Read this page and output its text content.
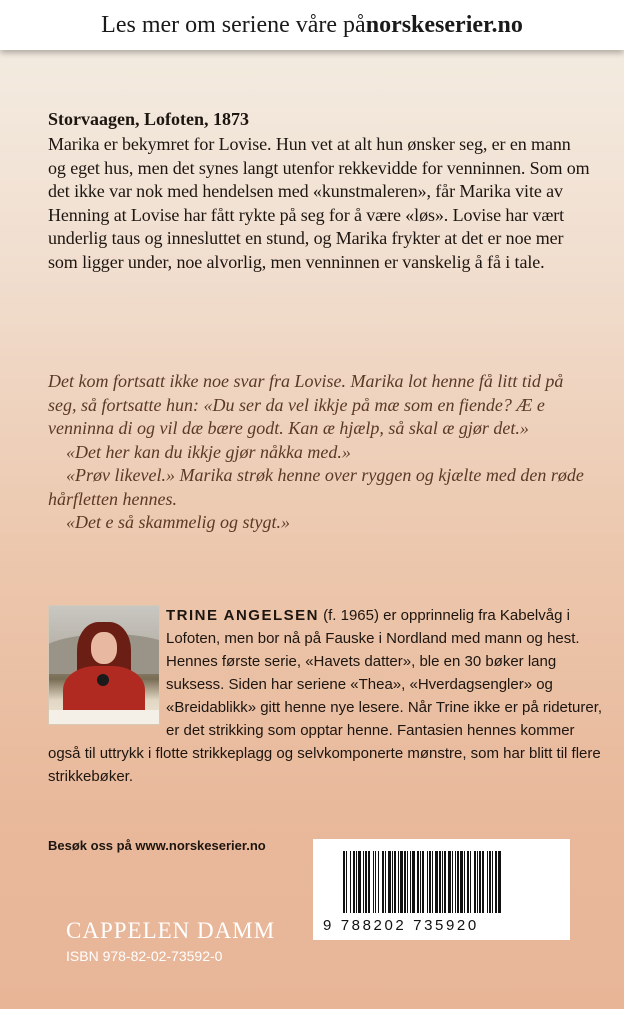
Les mer om seriene våre på norskeserier.no
Storvaagen, Lofoten, 1873
Marika er bekymret for Lovise. Hun vet at alt hun ønsker seg, er en mann og eget hus, men det synes langt utenfor rekkevidde for venninnen. Som om det ikke var nok med hendelsen med «kunstmaleren», får Marika vite av Henning at Lovise har fått rykte på seg for å være «løs». Lovise har vært underlig taus og innesluttet en stund, og Marika frykter at det er noe mer som ligger under, noe alvorlig, men venninnen er vanskelig å få i tale.

Det kom fortsatt ikke noe svar fra Lovise. Marika lot henne få litt tid på seg, så fortsatte hun: «Du ser da vel ikkje på mæ som en fiende? Æ e venninna di og vil dæ bære godt. Kan æ hjælp, så skal æ gjør det.»

«Det her kan du ikkje gjør nåkka med.»

«Prøv likevel.» Marika strøk henne over ryggen og kjælte med den røde hårfletten hennes.

«Det e så skammelig og stygt.»

TRINE ANGELSEN (f. 1965) er opprinnelig fra Kabelvåg i Lofoten, men bor nå på Fauske i Nordland med mann og hest. Hennes første serie, «Havets datter», ble en 30 bøker lang suksess. Siden har seriene «Thea», «Hverdagsengler» og «Breidablikk» gitt henne nye lesere. Når Trine ikke er på rideturer, er det strikking som opptar henne. Fantasien hennes kommer også til uttrykk i flotte strikkeplagg og selvkomponerte mønstre, som har blitt til flere strikkebøker.
Besøk oss på www.norskeserier.no
CAPPELEN DAMM
ISBN 978-82-02-73592-0
9 788202 735920
